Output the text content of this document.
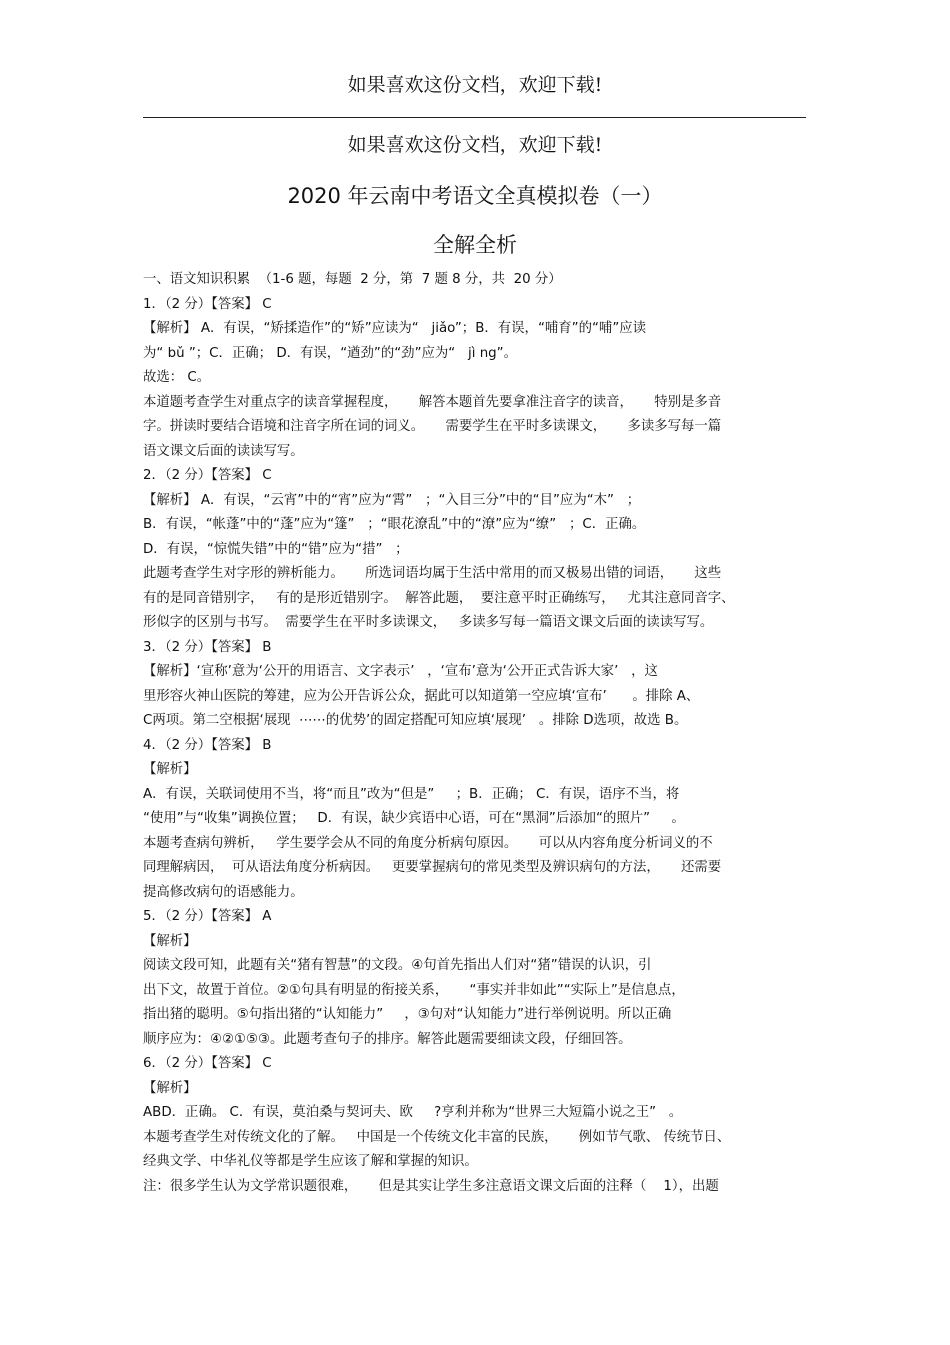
如果喜欢这份文档，欢迎下载!
如果喜欢这份文档，欢迎下载!
2020 年云南中考语文全真模拟卷（一）
全解全析

一、语文知识积累  （1-6 题，每题  2 分，第  7 题 8 分，共  20 分）

1．（2 分）【答案】 C

【解析】 A．有误，“矫揉造作”的“矫”应读为“   jiǎo”；B．有误，“哺育”的“哺”应读

为“ bǔ ”；C．正确； D．有误，“遒劲”的“劲”应为“   jì ng”。

故选： C。

本道题考查学生对重点字的读音掌握程度，     解答本题首先要拿准注音字的读音，     特别是多音

字。拼读时要结合语境和注音字所在词的词义。     需要学生在平时多读课文，     多读多写每一篇

语文课文后面的读读写写。

2．（2 分）【答案】 C

【解析】 A．有误，“云宵”中的“宵”应为“霄”   ；“入目三分”中的“目”应为“木”   ；

B．有误，“帐蓬”中的“蓬”应为“篷”   ；“眼花潦乱”中的“潦”应为“缭”   ；C．正确。

D．有误，“惊慌失错”中的“错”应为“措”   ；

此题考查学生对字形的辨析能力。     所选词语均属于生活中常用的而又极易出错的词语，     这些

有的是同音错别字，   有的是形近错别字。  解答此题，  要注意平时正确练写，   尤其注意同音字、

形似字的区别与书写。  需要学生在平时多读课文，   多读多写每一篇语文课文后面的读读写写。

3．（2 分）【答案】 B

【解析】‘宣称’意为‘公开的用语言、文字表示’   ，‘宣布’意为‘公开正式告诉大家’   ，这

里形容火神山医院的筹建，应为公开告诉公众，据此可以知道第一空应填‘宣布’      。排除 A、

C两项。第二空根据‘展现  ⋯⋯的优势’的固定搭配可知应填‘展现’   。排除 D选项，故选 B。

4．（2 分）【答案】 B

【解析】

A．有误，关联词使用不当，将“而且”改为“但是”     ；B．正确； C．有误，语序不当，将

“使用”与“收集”调换位置；   D．有误，缺少宾语中心语，可在“黑洞”后添加“的照片”     。

本题考查病句辨析，   学生要学会从不同的角度分析病句原因。     可以从内容角度分析词义的不

同理解病因，  可从语法角度分析病因。   更要掌握病句的常见类型及辨识病句的方法，     还需要

提高修改病句的语感能力。

5．（2 分）【答案】 A

【解析】

阅读文段可知，此题有关“猪有智慧”的文段。④句首先指出人们对“猪”错误的认识，引

出下文，故置于首位。②①句具有明显的衔接关系，     “事实并非如此”“实际上”是信息点，

指出猪的聪明。⑤句指出猪的“认知能力”     ，③句对“认知能力”进行举例说明。所以正确

顺序应为：④②①⑤③。此题考查句子的排序。解答此题需要细读文段，仔细回答。

6．（2 分）【答案】 C

【解析】

ABD．正确。 C．有误，莫泊桑与契诃夫、欧     ?亨利并称为“世界三大短篇小说之王”   。

本题考查学生对传统文化的了解。   中国是一个传统文化丰富的民族，     例如节气歌、 传统节日、

经典文学、中华礼仪等都是学生应该了解和掌握的知识。

注：很多学生认为文学常识题很难，     但是其实让学生多注意语文课文后面的注释（    1），出题
